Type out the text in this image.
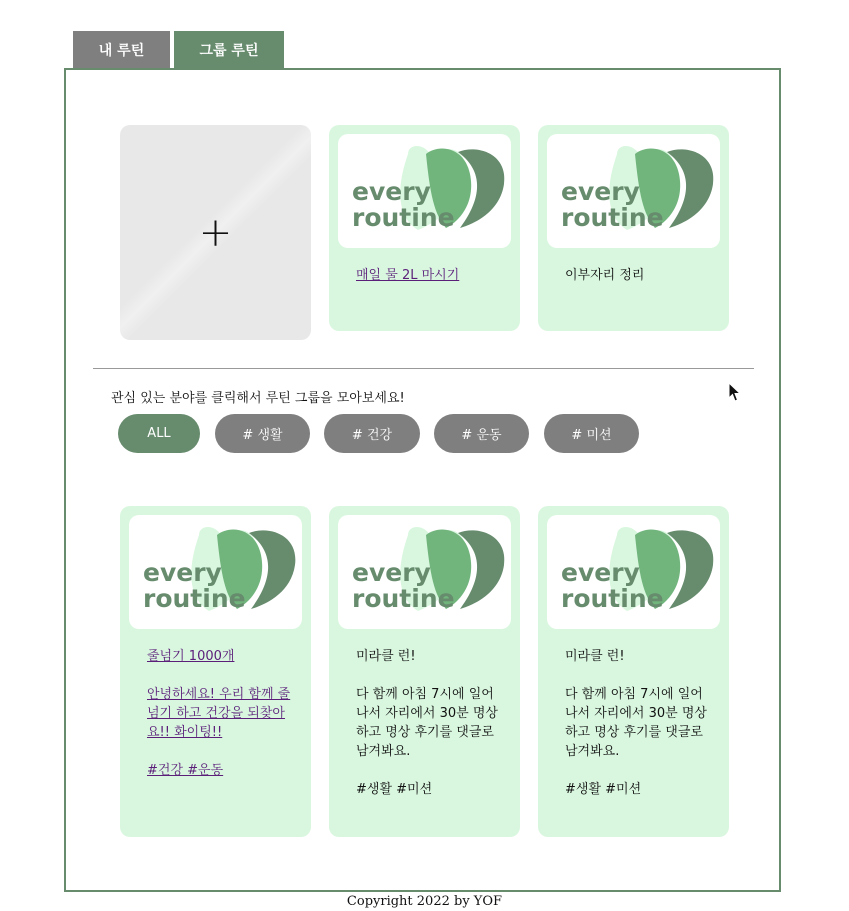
내 루틴	그룹 루틴
+
every
routine
매일 물 2L 마시기
every
routine
이부자리 정리
관심 있는 분야를 클릭해서 루틴 그룹을 모아보세요!
ALL	# 생활	# 건강	# 운동	# 미션
every
routine
줄넘기 1000개

안녕하세요! 우리 함께 줄넘기 하고 건강을 되찾아요!! 화이팅!!

#건강 #운동
every
routine
미라클 런!

다 함께 아침 7시에 일어나서 자리에서 30분 명상하고 명상 후기를 댓글로 남겨봐요.

#생활 #미션
every
routine
미라클 런!

다 함께 아침 7시에 일어나서 자리에서 30분 명상하고 명상 후기를 댓글로 남겨봐요.

#생활 #미션
Copyright 2022 by YOF
